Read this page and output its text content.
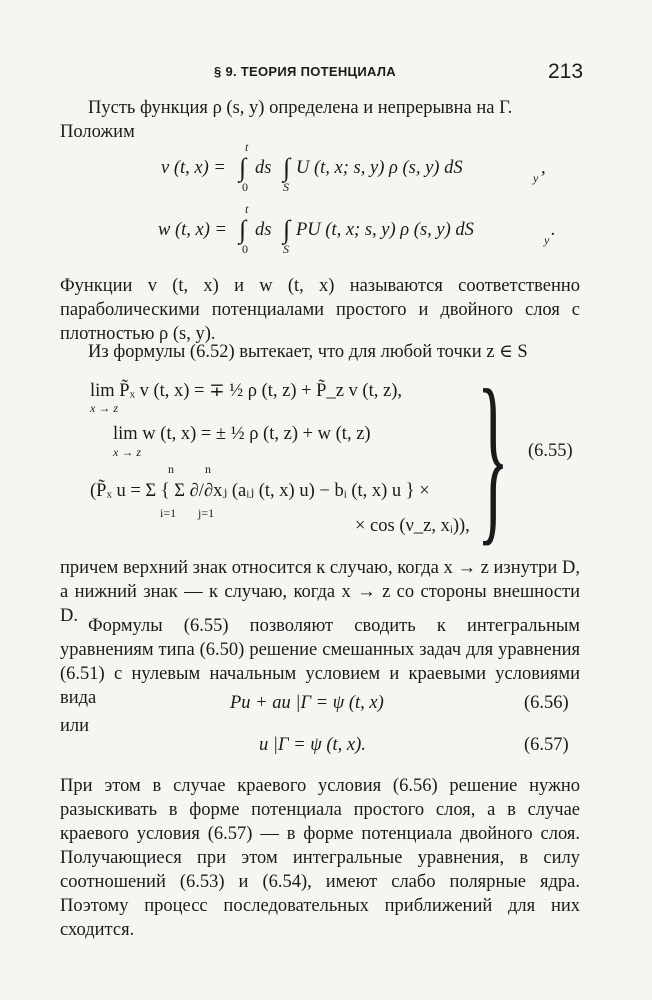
§ 9. ТЕОРИЯ ПОТЕНЦИАЛА	213
Пусть функция ρ (s, y) определена и непрерывна на Γ.
Положим
v (t, x) =
t
∫
0
ds ∫
S
U (t, x; s, y) ρ (s, y) dS	y ,
w (t, x) =
t
∫
0
ds ∫
S
PU (t, x; s, y) ρ (s, y) dS	y .
Функции v (t, x) и w (t, x) называются соответственно параболическими потенциалами простого и двойного слоя с плотностью ρ (s, y).
Из формулы (6.52) вытекает, что для любой точки z ∈ S
lim P̃ₓ v (t, x) = ∓ ½ ρ (t, z) + P̃_z v (t, z),
x → z
lim w (t, x) = ± ½ ρ (t, z) + w (t, z)
x → z
n	n
(P̃ₓ u = Σ { Σ ∂/∂xⱼ (aᵢⱼ (t, x) u) − bᵢ (t, x) u } ×
i=1 j=1
× cos (ν_z, xᵢ)), } (6.55)
причем верхний знак относится к случаю, когда x → z изнутри D, а нижний знак — к случаю, когда x → z со стороны внешности D. Формулы (6.55) позволяют сводить к интегральным уравнениям типа (6.50) решение смешанных задач для уравнения (6.51) с нулевым начальным условием и краевыми условиями вида	Pu + au |Γ = ψ (t, x)	(6.56)
или
u |Γ = ψ (t, x).	(6.57)
При этом в случае краевого условия (6.56) решение нужно разыскивать в форме потенциала простого слоя, а в случае краевого условия (6.57) — в форме потенциала двойного слоя. Получающиеся при этом интегральные уравнения, в силу соотношений (6.53) и (6.54), имеют слабо полярные ядра. Поэтому процесс последовательных приближений для них сходится.
